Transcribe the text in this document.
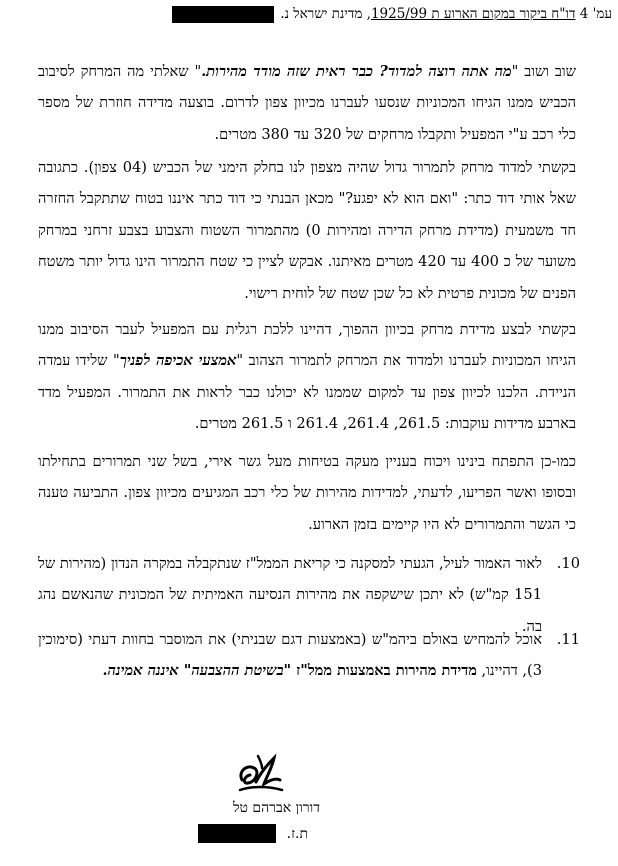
עמ' 4 דו"ח ביקור במקום הארוע ת 1925/99, מדינת ישראל נ.
שוב ושוב "מה אתה רוצה למדוד? כבר ראית שזה מודד מהירות." שאלתי מה המרחק לסיבוב הכביש ממנו הגיחו המכוניות שנסעו לעברנו מכיוון צפון לדרום. בוצעה מדידה חוזרת של מספר כלי רכב ע"י המפעיל ותקבלו מרחקים של 320 עד 380 מטרים.
בקשתי למדוד מרחק לתמרור גדול שהיה מצפון לנו בחלק הימני של הכביש (04 צפון). כתגובה שאל אותי דוד כתר: "ואם הוא לא יפגע?" מכאן הבנתי כי דוד כתר איננו בטוח שתתקבל החזרה חד משמעית (מדידת מרחק הדירה ומהירות 0) מהתמרור השטוח והצבוע בצבע זרחני במרחק משוער של כ 400 עד 420 מטרים מאיתנו. אבקש לציין כי שטח התמרור הינו גדול יותר משטח הפנים של מכונית פרטית לא כל שכן שטח של לוחית רישוי.
בקשתי לבצע מדידת מרחק בכיוון ההפוך, דהיינו ללכת רגלית עם המפעיל לעבר הסיבוב ממנו הגיחו המכוניות לעברנו ולמדוד את המרחק לתמרור הצהוב "אמצעי אכיפה לפניך" שלידו עמדה הניידת. הלכנו לכיוון צפון עד למקום שממנו לא יכולנו כבר לראות את התמרור. המפעיל מדד בארבע מדידות עוקבות: 261.5, 261.4, 261.4 ו 261.5 מטרים.
כמו-כן התפתח בינינו ויכוח בעניין מעקה בטיחות מעל גשר אירי, בשל שני תמרורים בתחילתו ובסופו ואשר הפריעו, לדעתי, למדידות מהירות של כלי רכב המגיעים מכיוון צפון. התביעה טענה כי הגשר והתמרורים לא היו קיימים בזמן הארוע.
10.
לאור האמור לעיל, הגעתי למסקנה כי קריאת הממל"ז שנתקבלה במקרה הנדון (מהירות של 151 קמ"ש) לא יתכן שישקפה את מהירות הנסיעה האמיתית של המכונית שהנאשם נהג בה.
11.
אוכל להמחיש באולם ביהמ"ש (באמצעות דגם שבניתי) את המוסבר בחוות דעתי (סימוכין 3), דהיינו, מדידת מהירות באמצעות ממל"ז "בשיטת ההצבעה" איננה אמינה.
דורון אברהם טל
ת.ז.
